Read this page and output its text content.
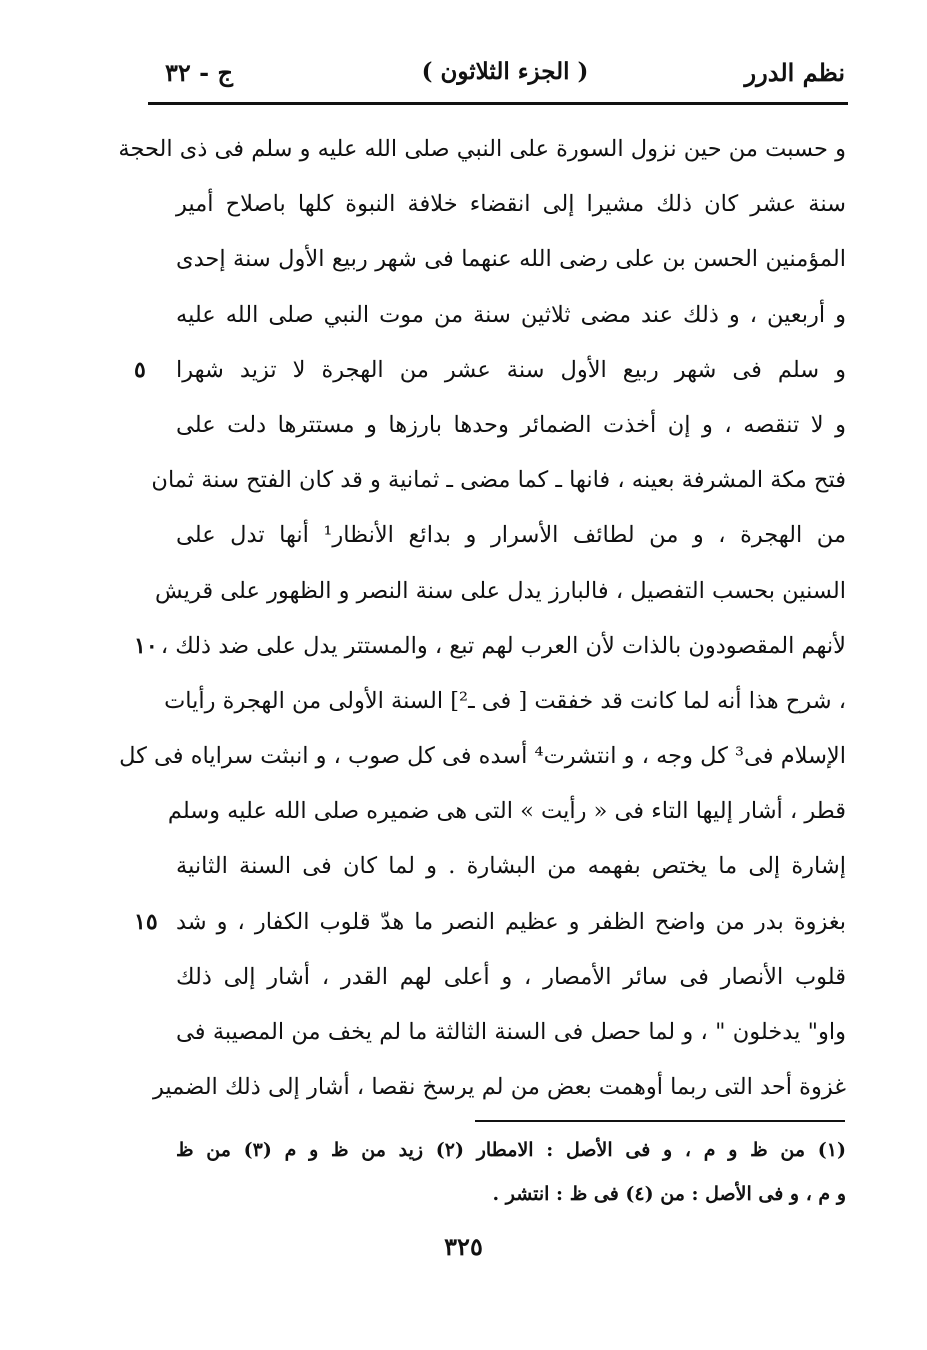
نظم الدرر
( الجزء الثلاثون )
ج - ٣٢
و حسبت من حين نزول السورة على النبي صلى الله عليه و سلم فى ذى الحجة
سنة عشر كان ذلك مشيرا إلى انقضاء خلافة النبوة كلها باصلاح أمير
المؤمنين الحسن بن على رضى الله عنهما فى شهر ربيع الأول سنة إحدى
و أربعين ، و ذلك عند مضى ثلاثين سنة من موت النبي صلى الله عليه
و سلم فى شهر ربيع الأول سنة عشر من الهجرة لا تزيد شهرا
٥
و لا تنقصه ، و إن أخذت الضمائر وحدها بارزها و مستترها دلت على
فتح مكة المشرفة بعينه ، فانها ـ كما مضى ـ ثمانية و قد كان الفتح سنة ثمان
من الهجرة ، و من لطائف الأسرار و بدائع الأنظار¹ أنها تدل على
السنين بحسب التفصيل ، فالبارز يدل على سنة النصر و الظهور على قريش
لأنهم المقصودون بالذات لأن العرب لهم تبع ، والمستتر يدل على ضد ذلك ،
١٠
، شرح هذا أنه لما كانت قد خفقت [ فى ـ²] السنة الأولى من الهجرة رأيات
الإسلام فى³ كل وجه ، و انتشرت⁴ أسده فى كل صوب ، و انبثت سراياه فى كل
قطر ، أشار إليها التاء فى « رأيت » التى هى ضميره صلى الله عليه وسلم
إشارة إلى ما يختص بفهمه من البشارة . و لما كان فى السنة الثانية
بغزوة بدر من واضح الظفر و عظيم النصر ما هدّ قلوب الكفار ، و شد
١٥
قلوب الأنصار فى سائر الأمصار ، و أعلى لهم القدر ، أشار إلى ذلك
واو" يدخلون " ، و لما حصل فى السنة الثالثة ما لم يخف من المصيبة فى
غزوة أحد التى ربما أوهمت بعض من لم يرسخ نقصا ، أشار إلى ذلك الضمير
(١) من ظ و م ، و فى الأصل : الامطار (٢) زيد من ظ و م (٣) من ظ
و م ، و فى الأصل : من (٤) فى ظ : انتشر .
٣٢٥
